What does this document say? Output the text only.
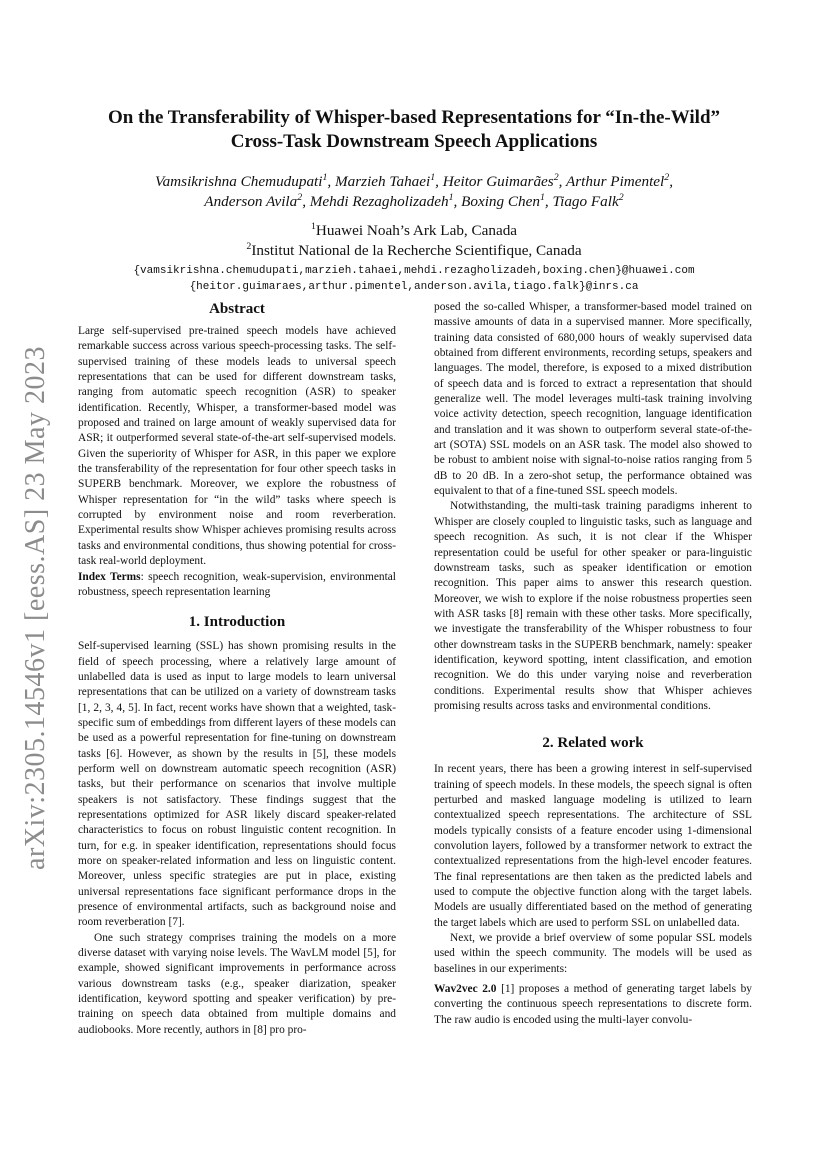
arXiv:2305.14546v1 [eess.AS] 23 May 2023
On the Transferability of Whisper-based Representations for “In-the-Wild”
Cross-Task Downstream Speech Applications
Vamsikrishna Chemudupati$^1$, Marzieh Tahaei$^1$, Heitor Guimarães$^2$, Arthur Pimentel$^2$,
Anderson Avila$^2$, Mehdi Rezagholizadeh$^1$, Boxing Chen$^1$, Tiago Falk$^2$
$^1$Huawei Noah’s Ark Lab, Canada
$^2$Institut National de la Recherche Scientifique, Canada
{vamsikrishna.chemudupati,marzieh.tahaei,mehdi.rezagholizadeh,boxing.chen}@huawei.com
{heitor.guimaraes,arthur.pimentel,anderson.avila,tiago.falk}@inrs.ca
Abstract

Large self-supervised pre-trained speech models have achieved remarkable success across various speech-processing tasks. The self-supervised training of these models leads to universal speech representations that can be used for different downstream tasks, ranging from automatic speech recognition (ASR) to speaker identification. Recently, Whisper, a transformer-based model was proposed and trained on large amount of weakly supervised data for ASR; it outperformed several state-of-the-art self-supervised models. Given the superiority of Whisper for ASR, in this paper we explore the transferability of the representation for four other speech tasks in SUPERB benchmark. Moreover, we explore the robustness of Whisper representation for “in the wild” tasks where speech is corrupted by environment noise and room reverberation. Experimental results show Whisper achieves promising results across tasks and environmental conditions, thus showing potential for cross-task real-world deployment.

Index Terms: speech recognition, weak-supervision, environmental robustness, speech representation learning

1. Introduction

Self-supervised learning (SSL) has shown promising results in the field of speech processing, where a relatively large amount of unlabelled data is used as input to large models to learn universal representations that can be utilized on a variety of downstream tasks [1, 2, 3, 4, 5]. In fact, recent works have shown that a weighted, task-specific sum of embeddings from different layers of these models can be used as a powerful representation for fine-tuning on downstream tasks [6]. However, as shown by the results in [5], these models perform well on downstream automatic speech recognition (ASR) tasks, but their performance on scenarios that involve multiple speakers is not satisfactory. These findings suggest that the representations optimized for ASR likely discard speaker-related characteristics to focus on robust linguistic content recognition. In turn, for e.g. in speaker identification, representations should focus more on speaker-related information and less on linguistic content. Moreover, unless specific strategies are put in place, existing universal representations face significant performance drops in the presence of environmental artifacts, such as background noise and room reverberation [7].

One such strategy comprises training the models on a more diverse dataset with varying noise levels. The WavLM model [5], for example, showed significant improvements in performance across various downstream tasks (e.g., speaker diarization, speaker identification, keyword spotting and speaker verification) by pre-training on speech data obtained from multiple domains and audiobooks. More recently, authors in [8] pro pro-

posed the so-called Whisper, a transformer-based model trained on massive amounts of data in a supervised manner. More specifically, training data consisted of 680,000 hours of weakly supervised data obtained from different environments, recording setups, speakers and languages. The model, therefore, is exposed to a mixed distribution of speech data and is forced to extract a representation that should generalize well. The model leverages multi-task training involving voice activity detection, speech recognition, language identification and translation and it was shown to outperform several state-of-the-art (SOTA) SSL models on an ASR task. The model also showed to be robust to ambient noise with signal-to-noise ratios ranging from 5 dB to 20 dB. In a zero-shot setup, the performance obtained was equivalent to that of a fine-tuned SSL speech models.

Notwithstanding, the multi-task training paradigms inherent to Whisper are closely coupled to linguistic tasks, such as language and speech recognition. As such, it is not clear if the Whisper representation could be useful for other speaker or para-linguistic downstream tasks, such as speaker identification or emotion recognition. This paper aims to answer this research question. Moreover, we wish to explore if the noise robustness properties seen with ASR tasks [8] remain with these other tasks. More specifically, we investigate the transferability of the Whisper robustness to four other downstream tasks in the SUPERB benchmark, namely: speaker identification, keyword spotting, intent classification, and emotion recognition. We do this under varying noise and reverberation conditions. Experimental results show that Whisper achieves promising results across tasks and environmental conditions.

2. Related work

In recent years, there has been a growing interest in self-supervised training of speech models. In these models, the speech signal is often perturbed and masked language modeling is utilized to learn contextualized speech representations. The architecture of SSL models typically consists of a feature encoder using 1-dimensional convolution layers, followed by a transformer network to extract the contextualized representations from the high-level encoder features. The final representations are then taken as the predicted labels and used to compute the objective function along with the target labels. Models are usually differentiated based on the method of generating the target labels which are used to perform SSL on unlabelled data.

Next, we provide a brief overview of some popular SSL models used within the speech community. The models will be used as baselines in our experiments:

Wav2vec 2.0 [1] proposes a method of generating target labels by converting the continuous speech representations to discrete form. The raw audio is encoded using the multi-layer convolu-
